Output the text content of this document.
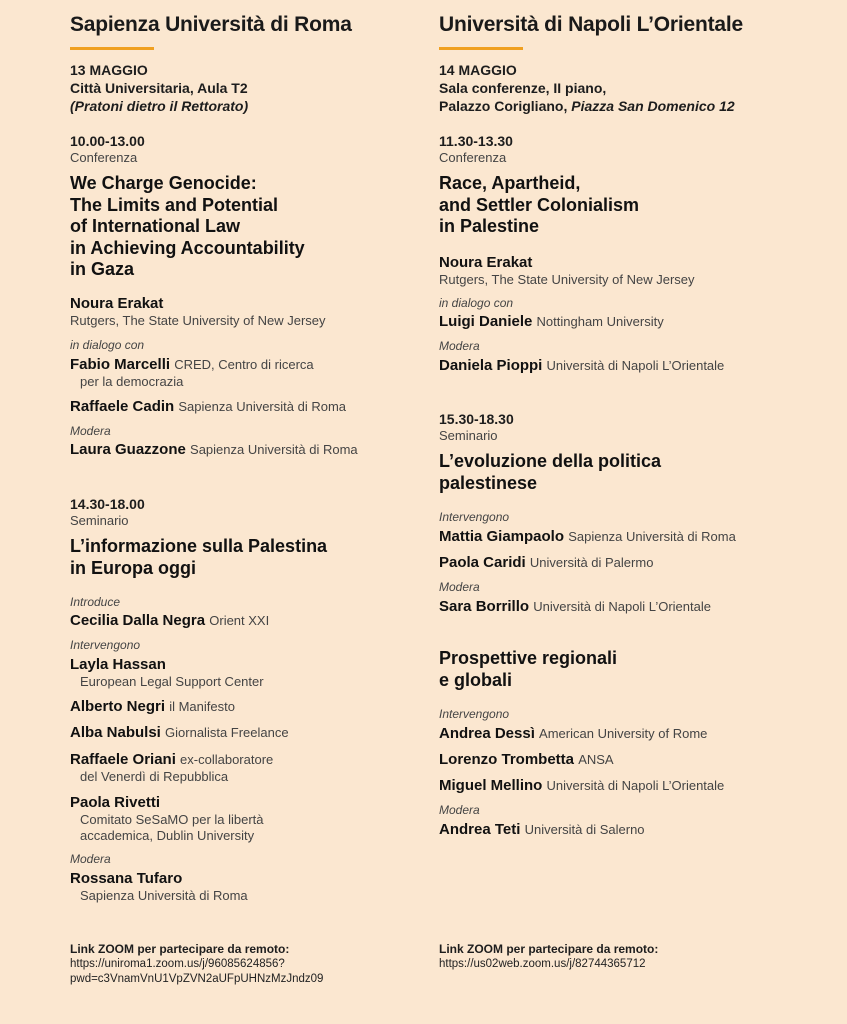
Sapienza Università di Roma
13 MAGGIO
Città Universitaria, Aula T2
(Pratoni dietro il Rettorato)
10.00-13.00
Conferenza
We Charge Genocide:
The Limits and Potential
of International Law
in Achieving Accountability
in Gaza
Noura Erakat
Rutgers, The State University of New Jersey
in dialogo con
Fabio Marcelli CRED, Centro di ricerca
per la democrazia
Raffaele Cadin Sapienza Università di Roma
Modera
Laura Guazzone Sapienza Università di Roma
14.30-18.00
Seminario
L’informazione sulla Palestina
in Europa oggi
Introduce
Cecilia Dalla Negra Orient XXI
Intervengono
Layla Hassan
European Legal Support Center
Alberto Negri il Manifesto
Alba Nabulsi Giornalista Freelance
Raffaele Oriani ex-collaboratore
del Venerdì di Repubblica
Paola Rivetti
Comitato SeSaMO per la libertà
accademica, Dublin University
Modera
Rossana Tufaro
Sapienza Università di Roma
Link ZOOM per partecipare da remoto:
https://uniroma1.zoom.us/j/96085624856?
pwd=c3VnamVnU1VpZVN2aUFpUHNzMzJndz09
Università di Napoli L’Orientale
14 MAGGIO
Sala conferenze, II piano,
Palazzo Corigliano, Piazza San Domenico 12
11.30-13.30
Conferenza
Race, Apartheid,
and Settler Colonialism
in Palestine
Noura Erakat
Rutgers, The State University of New Jersey
in dialogo con
Luigi Daniele Nottingham University
Modera
Daniela Pioppi Università di Napoli L’Orientale
15.30-18.30
Seminario
L’evoluzione della politica
palestinese
Intervengono
Mattia Giampaolo Sapienza Università di Roma
Paola Caridi Università di Palermo
Modera
Sara Borrillo Università di Napoli L’Orientale
Prospettive regionali
e globali
Intervengono
Andrea Dessì American University of Rome
Lorenzo Trombetta ANSA
Miguel Mellino Università di Napoli L’Orientale
Modera
Andrea Teti Università di Salerno
Link ZOOM per partecipare da remoto:
https://us02web.zoom.us/j/82744365712
